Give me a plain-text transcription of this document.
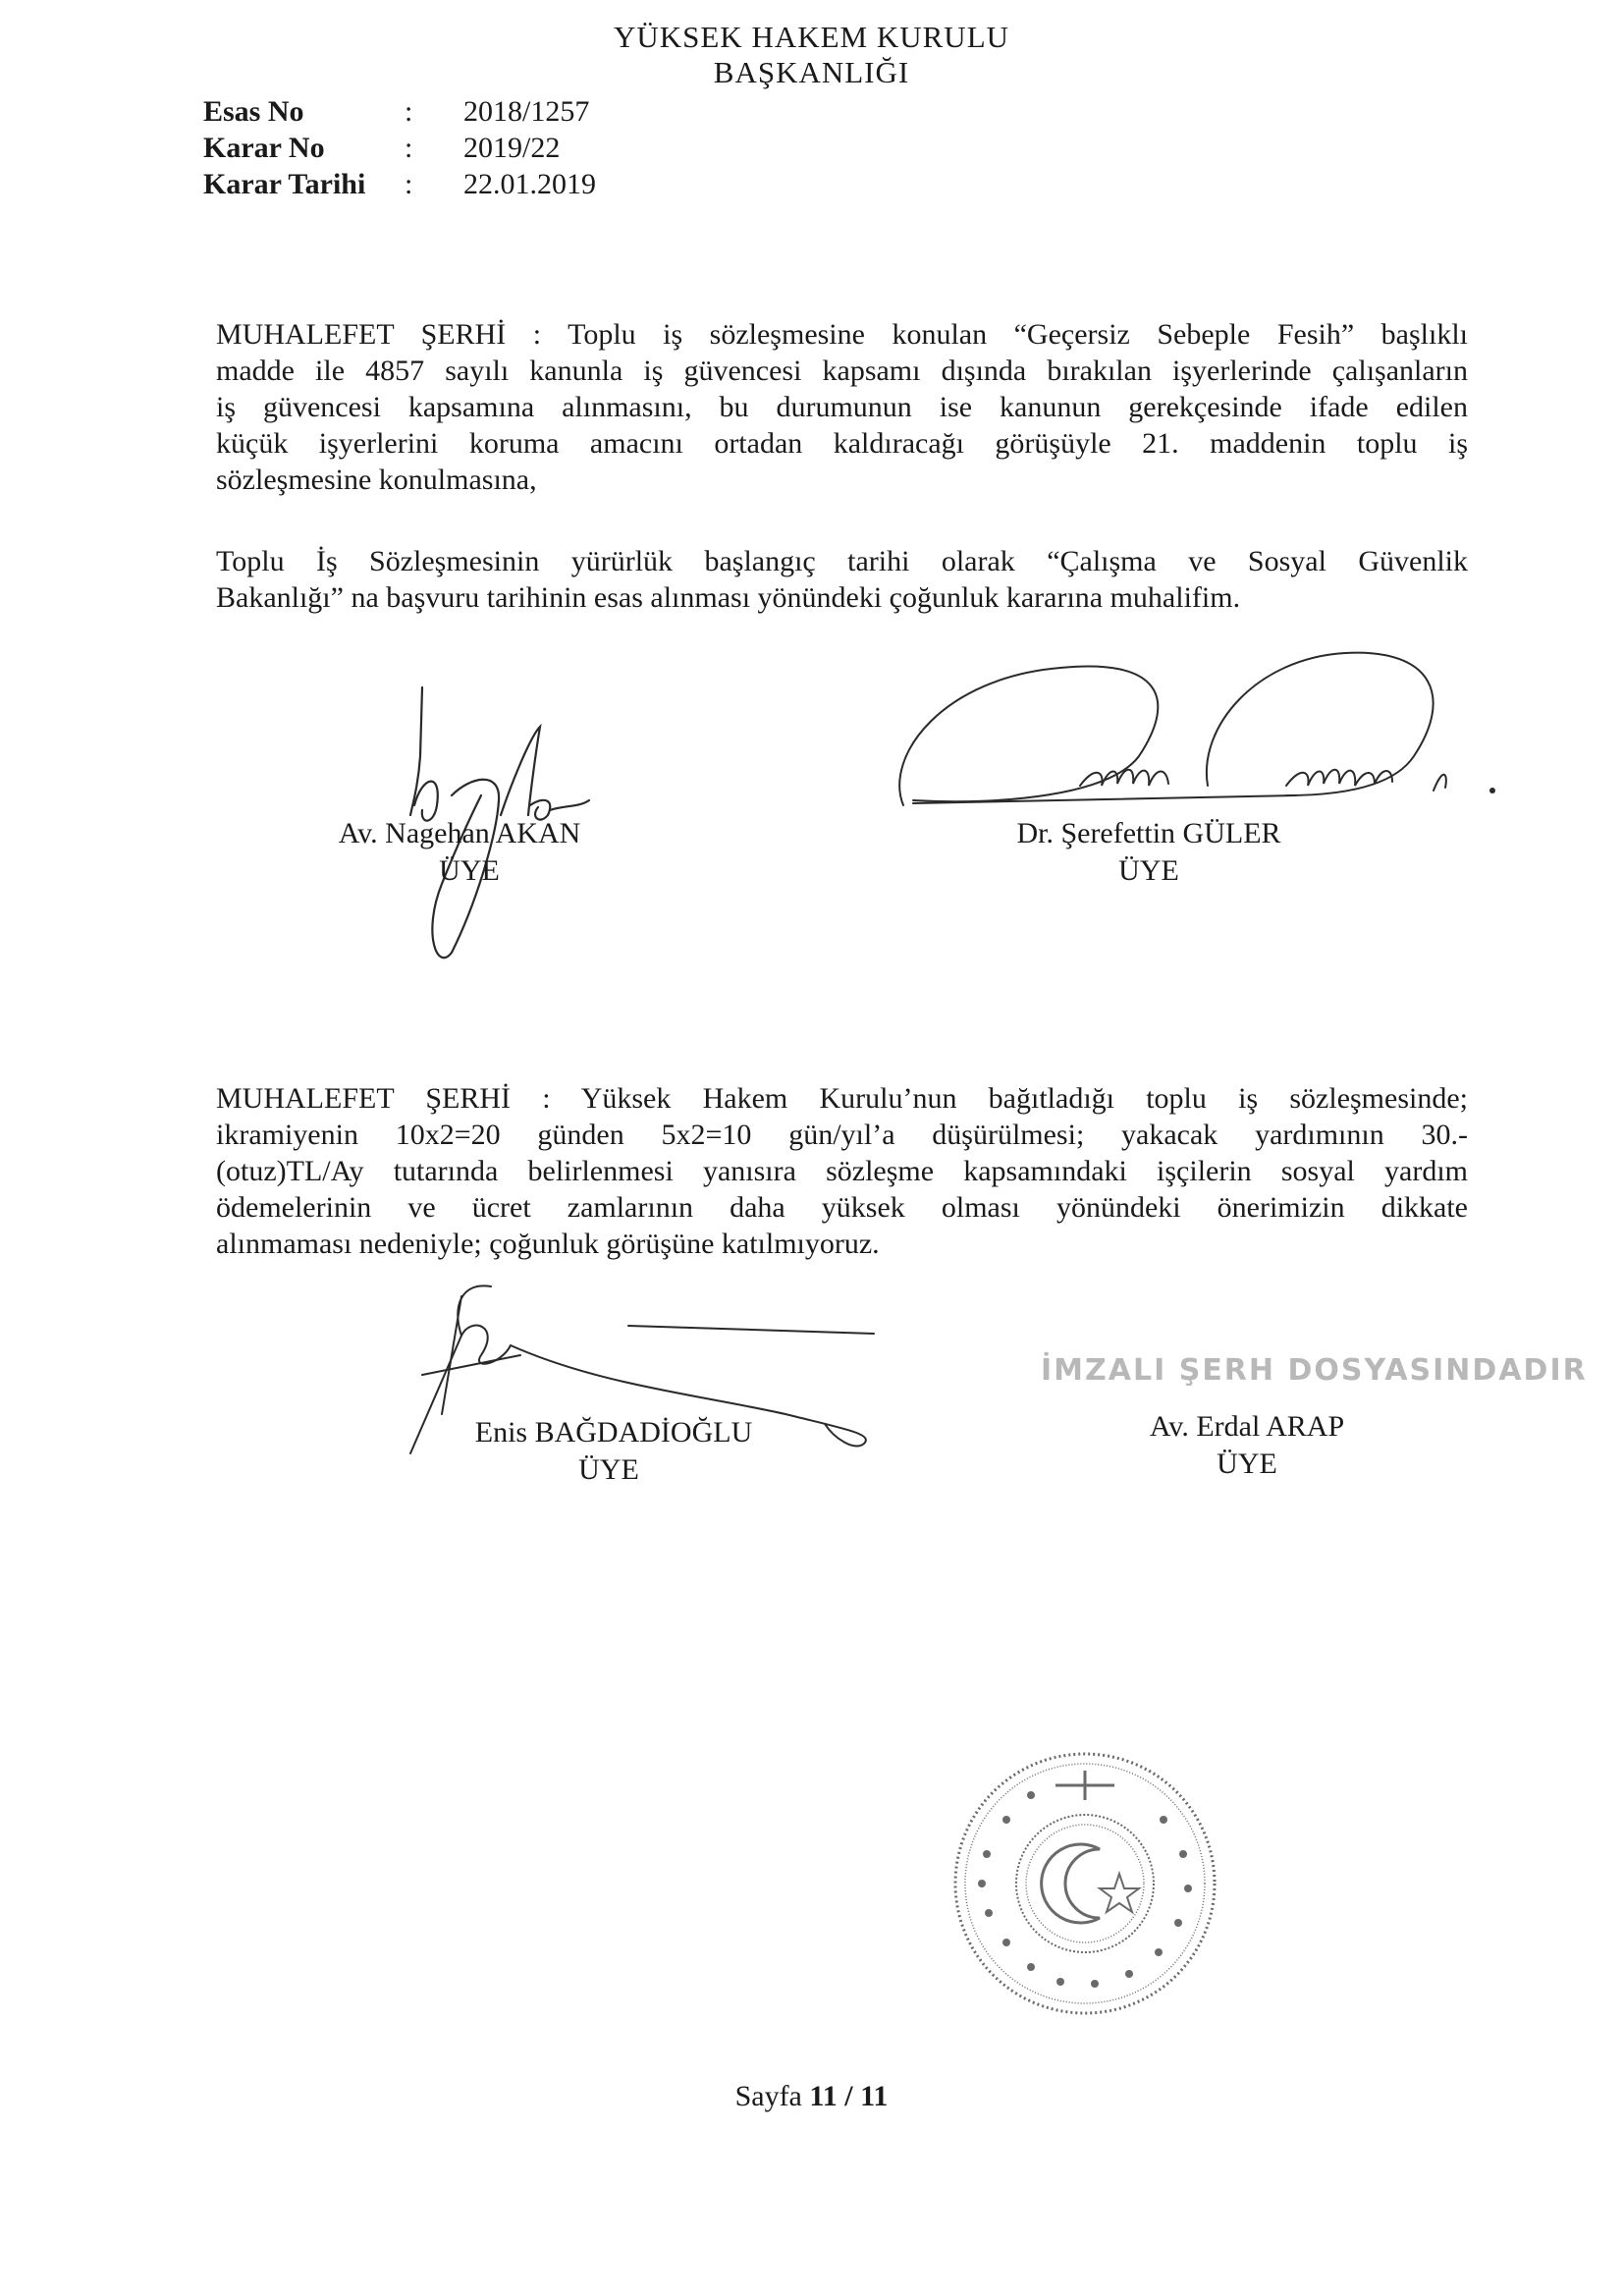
YÜKSEK HAKEM KURULU
BAŞKANLIĞI
Esas No	:	2018/1257
Karar No	:	2019/22
Karar Tarihi	:	22.01.2019
MUHALEFET ŞERHİ : Toplu iş sözleşmesine konulan “Geçersiz Sebeple Fesih” başlıklı
madde ile 4857 sayılı kanunla iş güvencesi kapsamı dışında bırakılan işyerlerinde çalışanların
iş güvencesi kapsamına alınmasını, bu durumunun ise kanunun gerekçesinde ifade edilen
küçük işyerlerini koruma amacını ortadan kaldıracağı görüşüyle 21. maddenin toplu iş
sözleşmesine konulmasına,
Toplu İş Sözleşmesinin yürürlük başlangıç tarihi olarak “Çalışma ve Sosyal Güvenlik
Bakanlığı” na başvuru tarihinin esas alınması yönündeki çoğunluk kararına muhalifim.
Av. Nagehan AKAN
ÜYE
Dr. Şerefettin GÜLER
ÜYE
MUHALEFET ŞERHİ : Yüksek Hakem Kurulu’nun bağıtladığı toplu iş sözleşmesinde;
ikramiyenin 10x2=20 günden 5x2=10 gün/yıl’a düşürülmesi; yakacak yardımının 30.-
(otuz)TL/Ay tutarında belirlenmesi yanısıra sözleşme kapsamındaki işçilerin sosyal yardım
ödemelerinin ve ücret zamlarının daha yüksek olması yönündeki önerimizin dikkate
alınmaması nedeniyle; çoğunluk görüşüne katılmıyoruz.
Enis BAĞDADİOĞLU
ÜYE
İMZALI ŞERH DOSYASINDADIR
Av. Erdal ARAP
ÜYE
Sayfa 11 / 11
